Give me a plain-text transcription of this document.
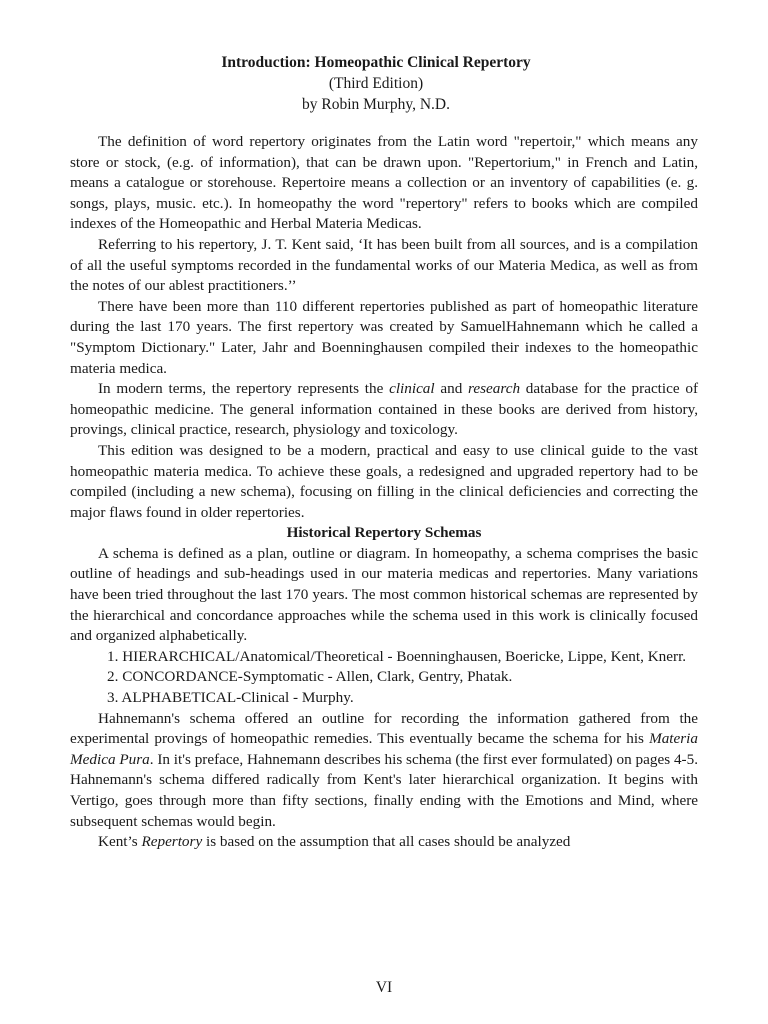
Introduction: Homeopathic Clinical Repertory
(Third Edition)
by Robin Murphy, N.D.

The definition of word repertory originates from the Latin word "repertoir," which means any store or stock, (e.g. of information), that can be drawn upon. "Repertorium," in French and Latin, means a catalogue or storehouse. Repertoire means a collection or an inventory of capabilities (e. g. songs, plays, music. etc.). In homeopathy the word "repertory" refers to books which are compiled indexes of the Homeopathic and Herbal Materia Medicas.

Referring to his repertory, J. T. Kent said, ‘It has been built from all sources, and is a compilation of all the useful symptoms recorded in the fundamental works of our Materia Medica, as well as from the notes of our ablest practitioners.’’

There have been more than 110 different repertories published as part of homeopathic literature during the last 170 years. The first repertory was created by SamuelHahnemann which he called a "Symptom Dictionary." Later, Jahr and Boenninghausen compiled their indexes to the homeopathic materia medica.

In modern terms, the repertory represents the clinical and research database for the practice of homeopathic medicine. The general information contained in these books are derived from history, provings, clinical practice, research, physiology and toxicology.

This edition was designed to be a modern, practical and easy to use clinical guide to the vast homeopathic materia medica. To achieve these goals, a redesigned and upgraded repertory had to be compiled (including a new schema), focusing on filling in the clinical deficiencies and correcting the major flaws found in older repertories.

Historical Repertory Schemas

A schema is defined as a plan, outline or diagram. In homeopathy, a schema comprises the basic outline of headings and sub-headings used in our materia medicas and repertories. Many variations have been tried throughout the last 170 years. The most common historical schemas are represented by the hierarchical and concordance approaches while the schema used in this work is clinically focused and organized alphabetically.

1. HIERARCHICAL/Anatomical/Theoretical - Boenninghausen, Boericke, Lippe, Kent, Knerr.
2. CONCORDANCE-Symptomatic - Allen, Clark, Gentry, Phatak.
3. ALPHABETICAL-Clinical - Murphy.

Hahnemann's schema offered an outline for recording the information gathered from the experimental provings of homeopathic remedies. This eventually became the schema for his Materia Medica Pura. In it's preface, Hahnemann describes his schema (the first ever formulated) on pages 4-5. Hahnemann's schema differed radically from Kent's later hierarchical organization. It begins with Vertigo, goes through more than fifty sections, finally ending with the Emotions and Mind, where subsequent schemas would begin.

Kent’s Repertory is based on the assumption that all cases should be analyzed

VI
